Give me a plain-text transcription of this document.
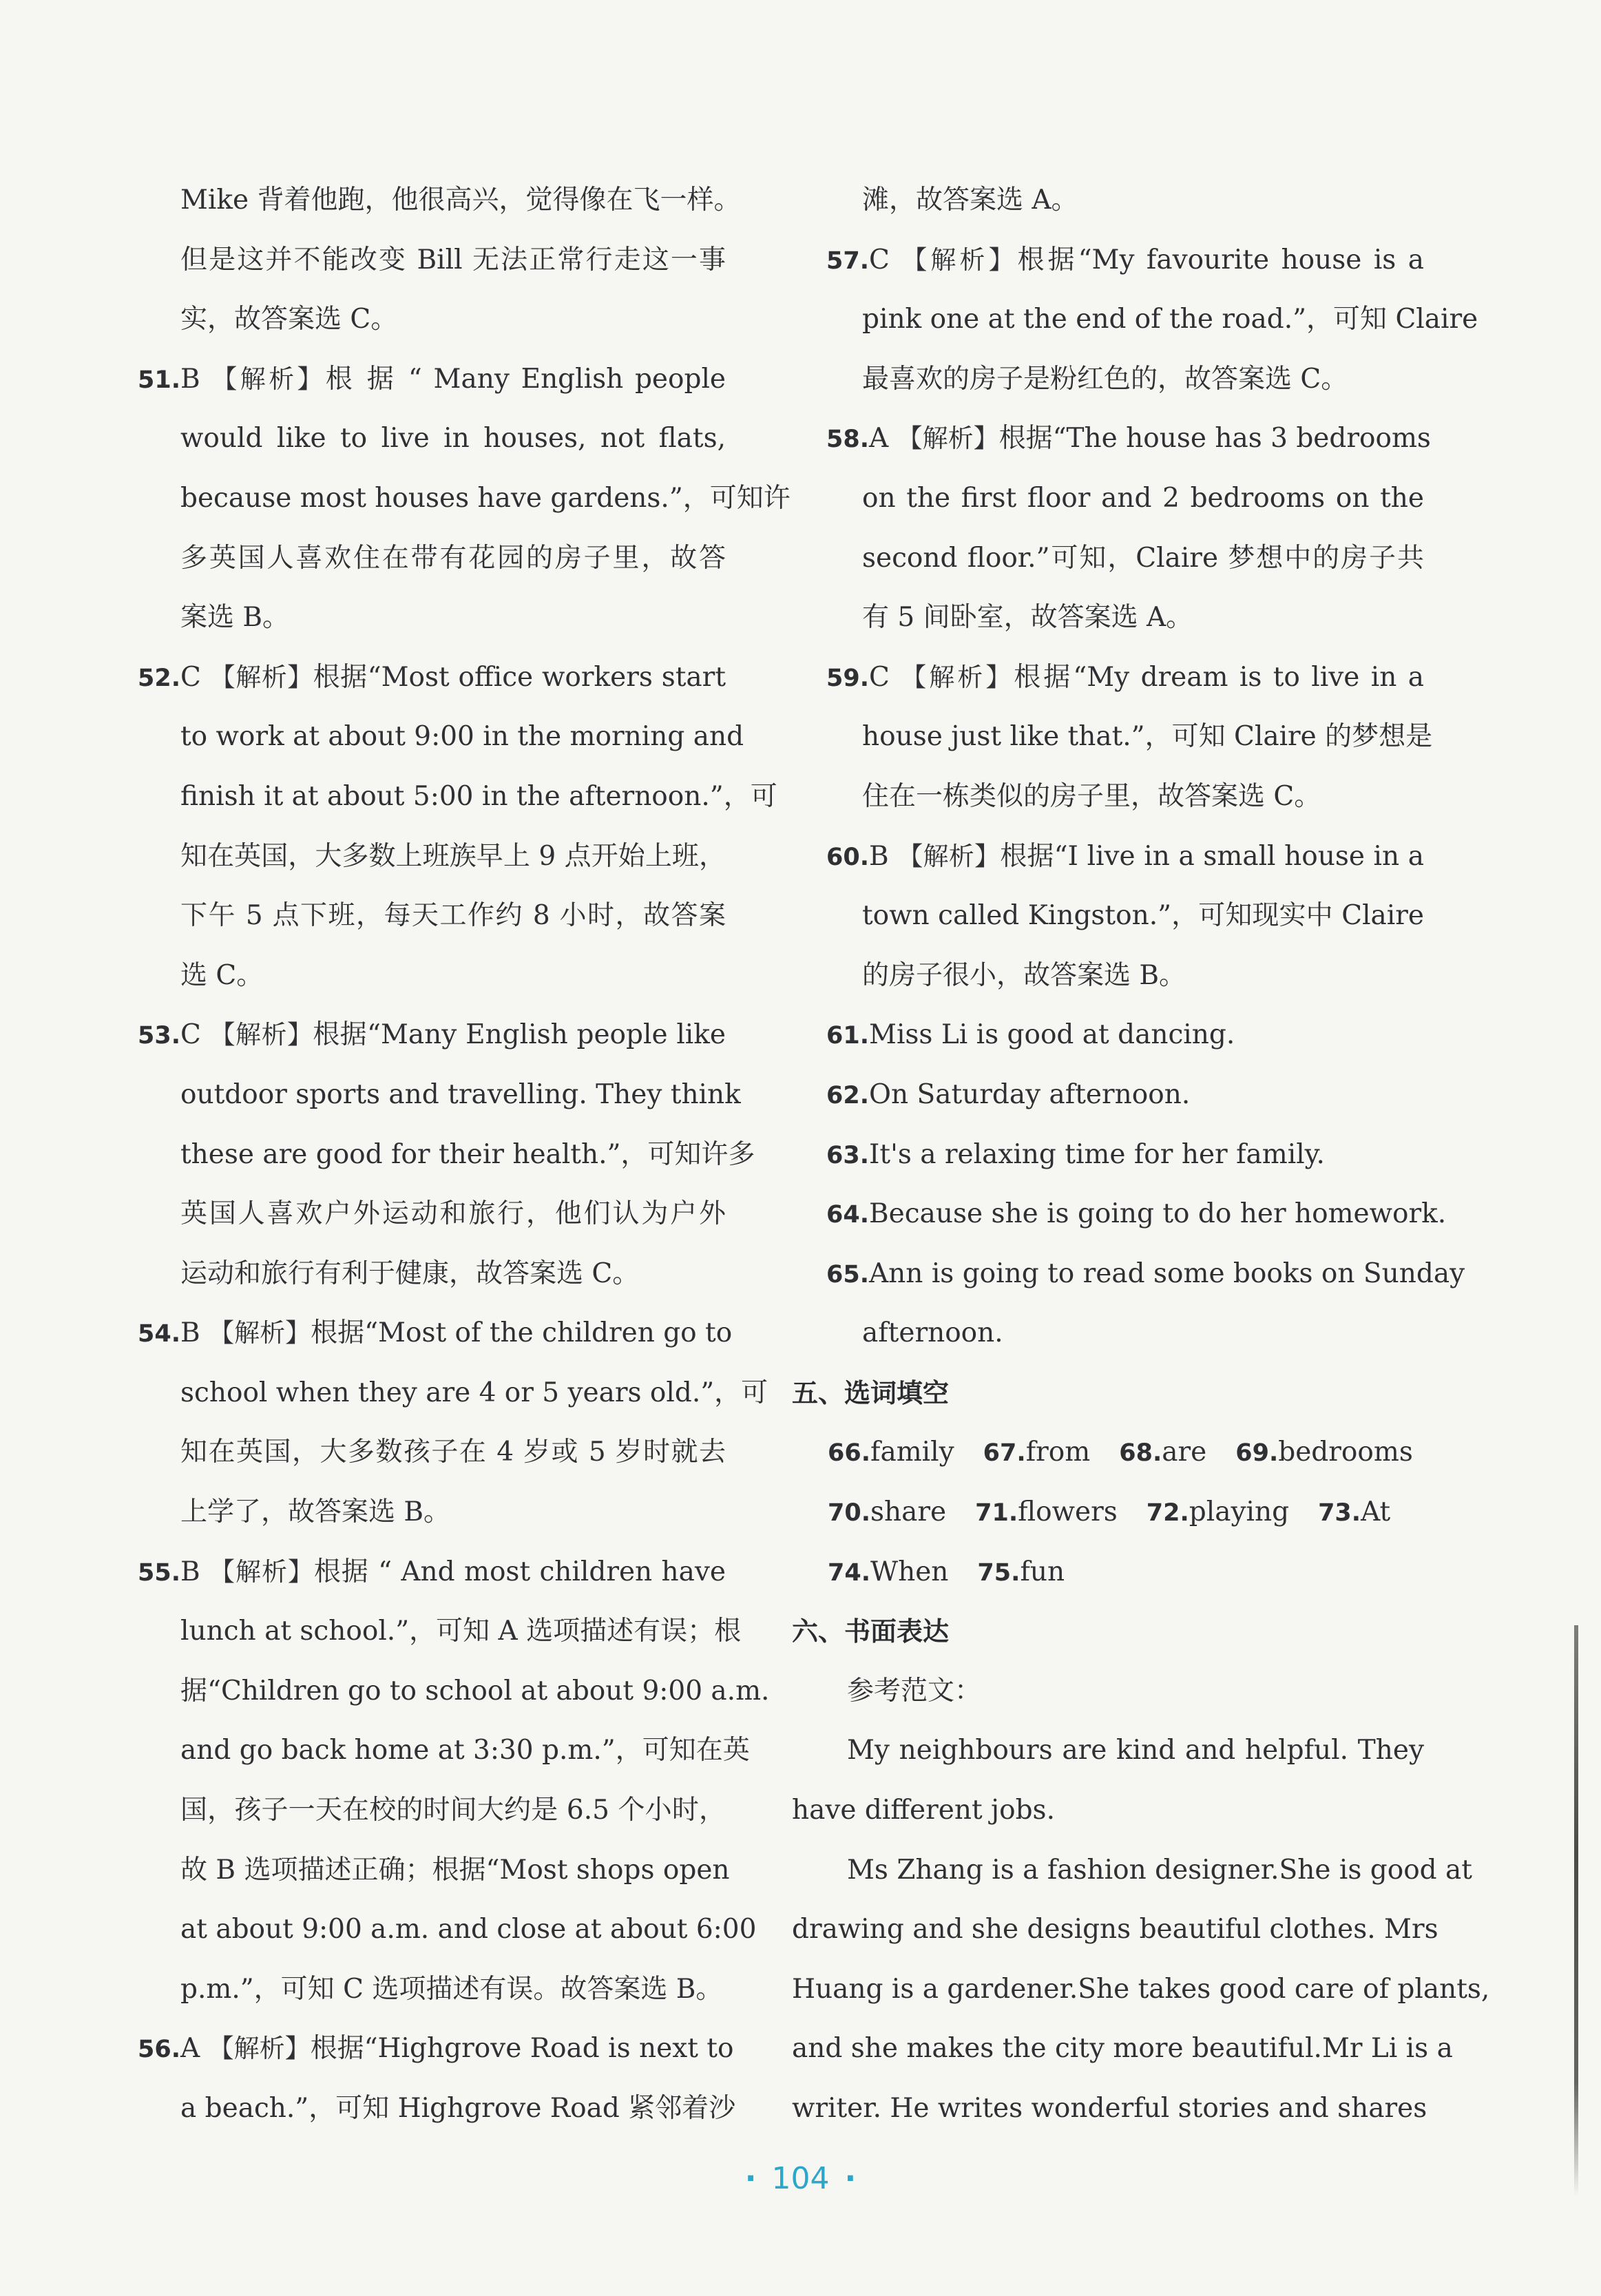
Mike 背着他跑，他很高兴，觉得像在飞一样。
但是这并不能改变 Bill 无法正常行走这一事
实，故答案选 C。
51.B 【解析】根 据 “ Many English people
would like to live in houses, not flats,
because most houses have gardens.”，可知许
多英国人喜欢住在带有花园的房子里，故答
案选 B。
52.C 【解析】根据“Most office workers start
to work at about 9:00 in the morning and
finish it at about 5:00 in the afternoon.”，可
知在英国，大多数上班族早上 9 点开始上班，
下午 5 点下班，每天工作约 8 小时，故答案
选 C。
53.C 【解析】根据“Many English people like
outdoor sports and travelling. They think
these are good for their health.”，可知许多
英国人喜欢户外运动和旅行，他们认为户外
运动和旅行有利于健康，故答案选 C。
54.B 【解析】根据“Most of the children go to
school when they are 4 or 5 years old.”，可
知在英国，大多数孩子在 4 岁或 5 岁时就去
上学了，故答案选 B。
55.B 【解析】根据 “ And most children have
lunch at school.”，可知 A 选项描述有误；根
据“Children go to school at about 9:00 a.m.
and go back home at 3:30 p.m.”，可知在英
国，孩子一天在校的时间大约是 6.5 个小时，
故 B 选项描述正确；根据“Most shops open
at about 9:00 a.m. and close at about 6:00
p.m.”，可知 C 选项描述有误。故答案选 B。
56.A 【解析】根据“Highgrove Road is next to
a beach.”，可知 Highgrove Road 紧邻着沙
滩，故答案选 A。
57.C 【解析】根据“My favourite house is a
pink one at the end of the road.”，可知 Claire
最喜欢的房子是粉红色的，故答案选 C。
58.A 【解析】根据“The house has 3 bedrooms
on the first floor and 2 bedrooms on the
second floor.”可知，Claire 梦想中的房子共
有 5 间卧室，故答案选 A。
59.C 【解析】根据“My dream is to live in a
house just like that.”，可知 Claire 的梦想是
住在一栋类似的房子里，故答案选 C。
60.B 【解析】根据“I live in a small house in a
town called Kingston.”，可知现实中 Claire
的房子很小，故答案选 B。
61.Miss Li is good at dancing.
62.On Saturday afternoon.
63.It's a relaxing time for her family.
64.Because she is going to do her homework.
65.Ann is going to read some books on Sunday
afternoon.
五、选词填空
66.family 67.from 68.are 69.bedrooms
70.share 71.flowers 72.playing 73.At
74.When 75.fun
六、书面表达
参考范文：
My neighbours are kind and helpful. They
have different jobs.
Ms Zhang is a fashion designer.She is good at
drawing and she designs beautiful clothes. Mrs
Huang is a gardener.She takes good care of plants,
and she makes the city more beautiful.Mr Li is a
writer. He writes wonderful stories and shares
· 104 ·
